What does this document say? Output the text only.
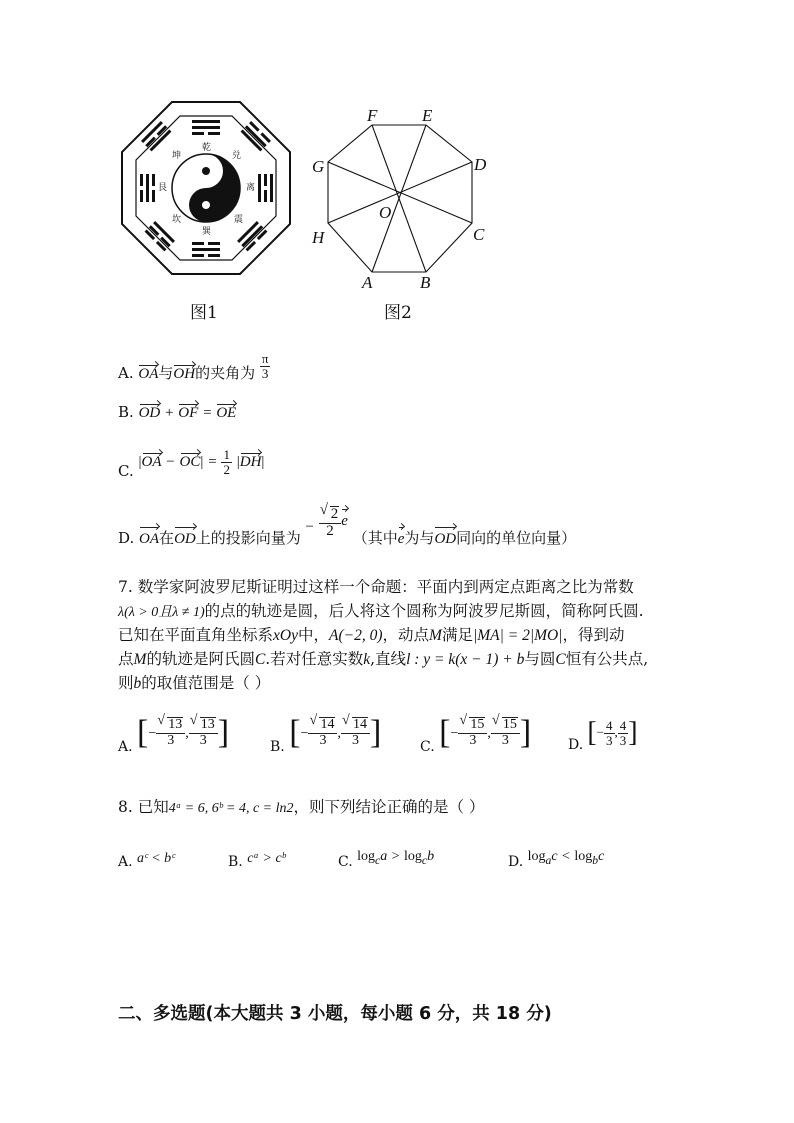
乾
兑
离
震
巽
坎
艮
坤
图1
F	E
D
C
B
A
H
G
O
图2
A. OA与OH的夹角为 $\frac{\pi}{3}$
B. OD + OF = OE
C. $|OA - OC| = \frac{1}{2} |DH|$
D. OA在OD上的投影向量为 − √ $\frac{2}{2}$ e （其中e为与OD同向的单位向量）
7. 数学家阿波罗尼斯证明过这样一个命题：平面内到两定点距离之比为常数
λ(λ > 0且λ ≠ 1)的点的轨迹是圆，后人将这个圆称为阿波罗尼斯圆，简称阿氏圆.
已知在平面直角坐标系xOy中，A(−2, 0)，动点M满足|MA| = 2|MO|，得到动
点M的轨迹是阿氏圆C.若对任意实数k,直线l : y = k(x − 1) + b与圆C恒有公共点,
则b的取值范围是（ ）
A. [− √ $\frac{13}{3}$ , √ $\frac{13}{3}$ ]	B. [− √ $\frac{14}{3}$ , √ $\frac{14}{3}$ ]	C. [− √ $\frac{15}{3}$ , √ $\frac{15}{3}$ ]	D. [− $\frac{4}{3}$ , $\frac{4}{3}$ ]
8. 已知4ᵃ = 6, 6ᵇ = 4, c = ln2，则下列结论正确的是（ ）
A. aᶜ < bᶜ	B. cᵃ > cᵇ	C. $\log_ca > \log_cb$	D. $\log_ac < \log_bc$
二、多选题(本大题共 3 小题，每小题 6 分，共 18 分)
